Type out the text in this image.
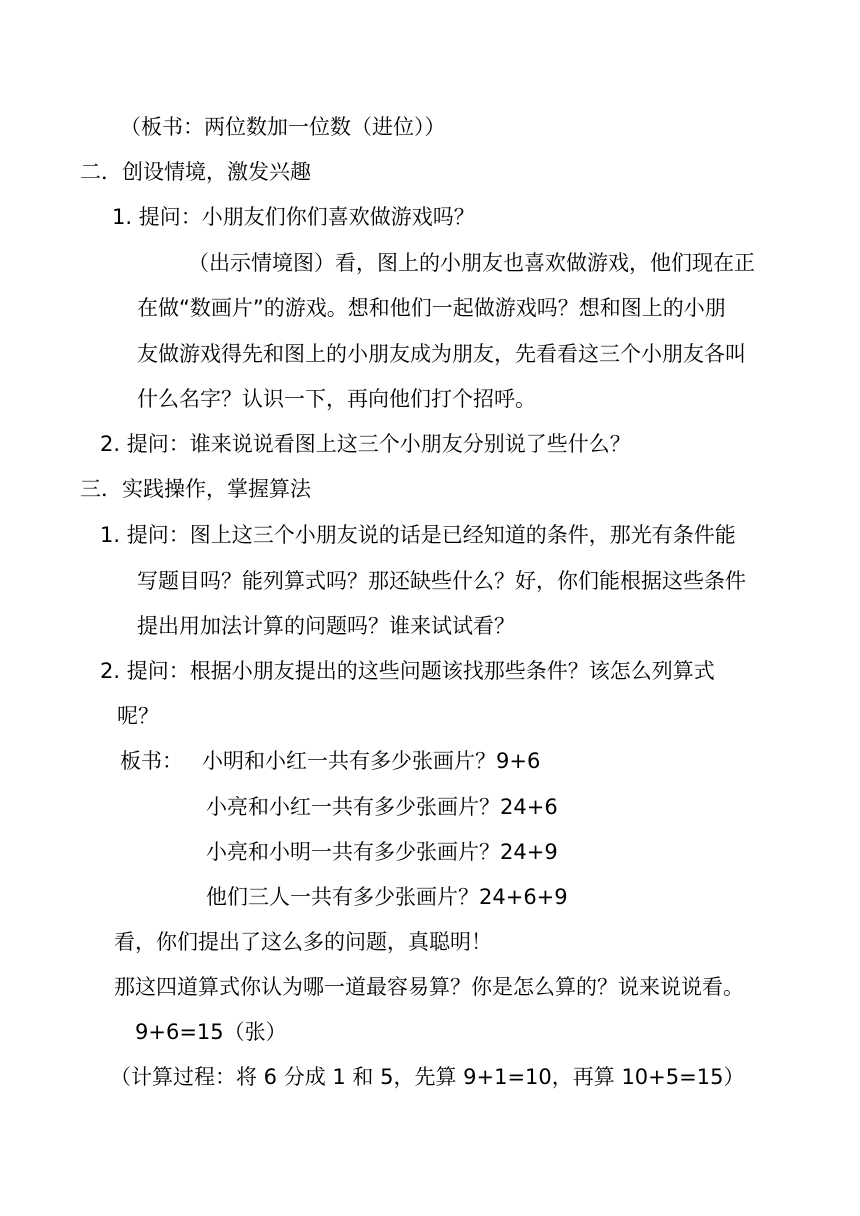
（板书：两位数加一位数（进位））
二．创设情境，激发兴趣
1. 提问：小朋友们你们喜欢做游戏吗？
（出示情境图）看，图上的小朋友也喜欢做游戏，他们现在正
在做“数画片”的游戏。想和他们一起做游戏吗？想和图上的小朋
友做游戏得先和图上的小朋友成为朋友，先看看这三个小朋友各叫
什么名字？认识一下，再向他们打个招呼。
2. 提问：谁来说说看图上这三个小朋友分别说了些什么？
三．实践操作，掌握算法
1. 提问：图上这三个小朋友说的话是已经知道的条件，那光有条件能
写题目吗？能列算式吗？那还缺些什么？好，你们能根据这些条件
提出用加法计算的问题吗？谁来试试看？
2. 提问：根据小朋友提出的这些问题该找那些条件？该怎么列算式
呢？
板书： 小明和小红一共有多少张画片？9+6
小亮和小红一共有多少张画片？24+6
小亮和小明一共有多少张画片？24+9
他们三人一共有多少张画片？24+6+9
看，你们提出了这么多的问题，真聪明！
那这四道算式你认为哪一道最容易算？你是怎么算的？说来说说看。
9+6=15（张）
（计算过程：将 6 分成 1 和 5，先算 9+1=10，再算 10+5=15）
